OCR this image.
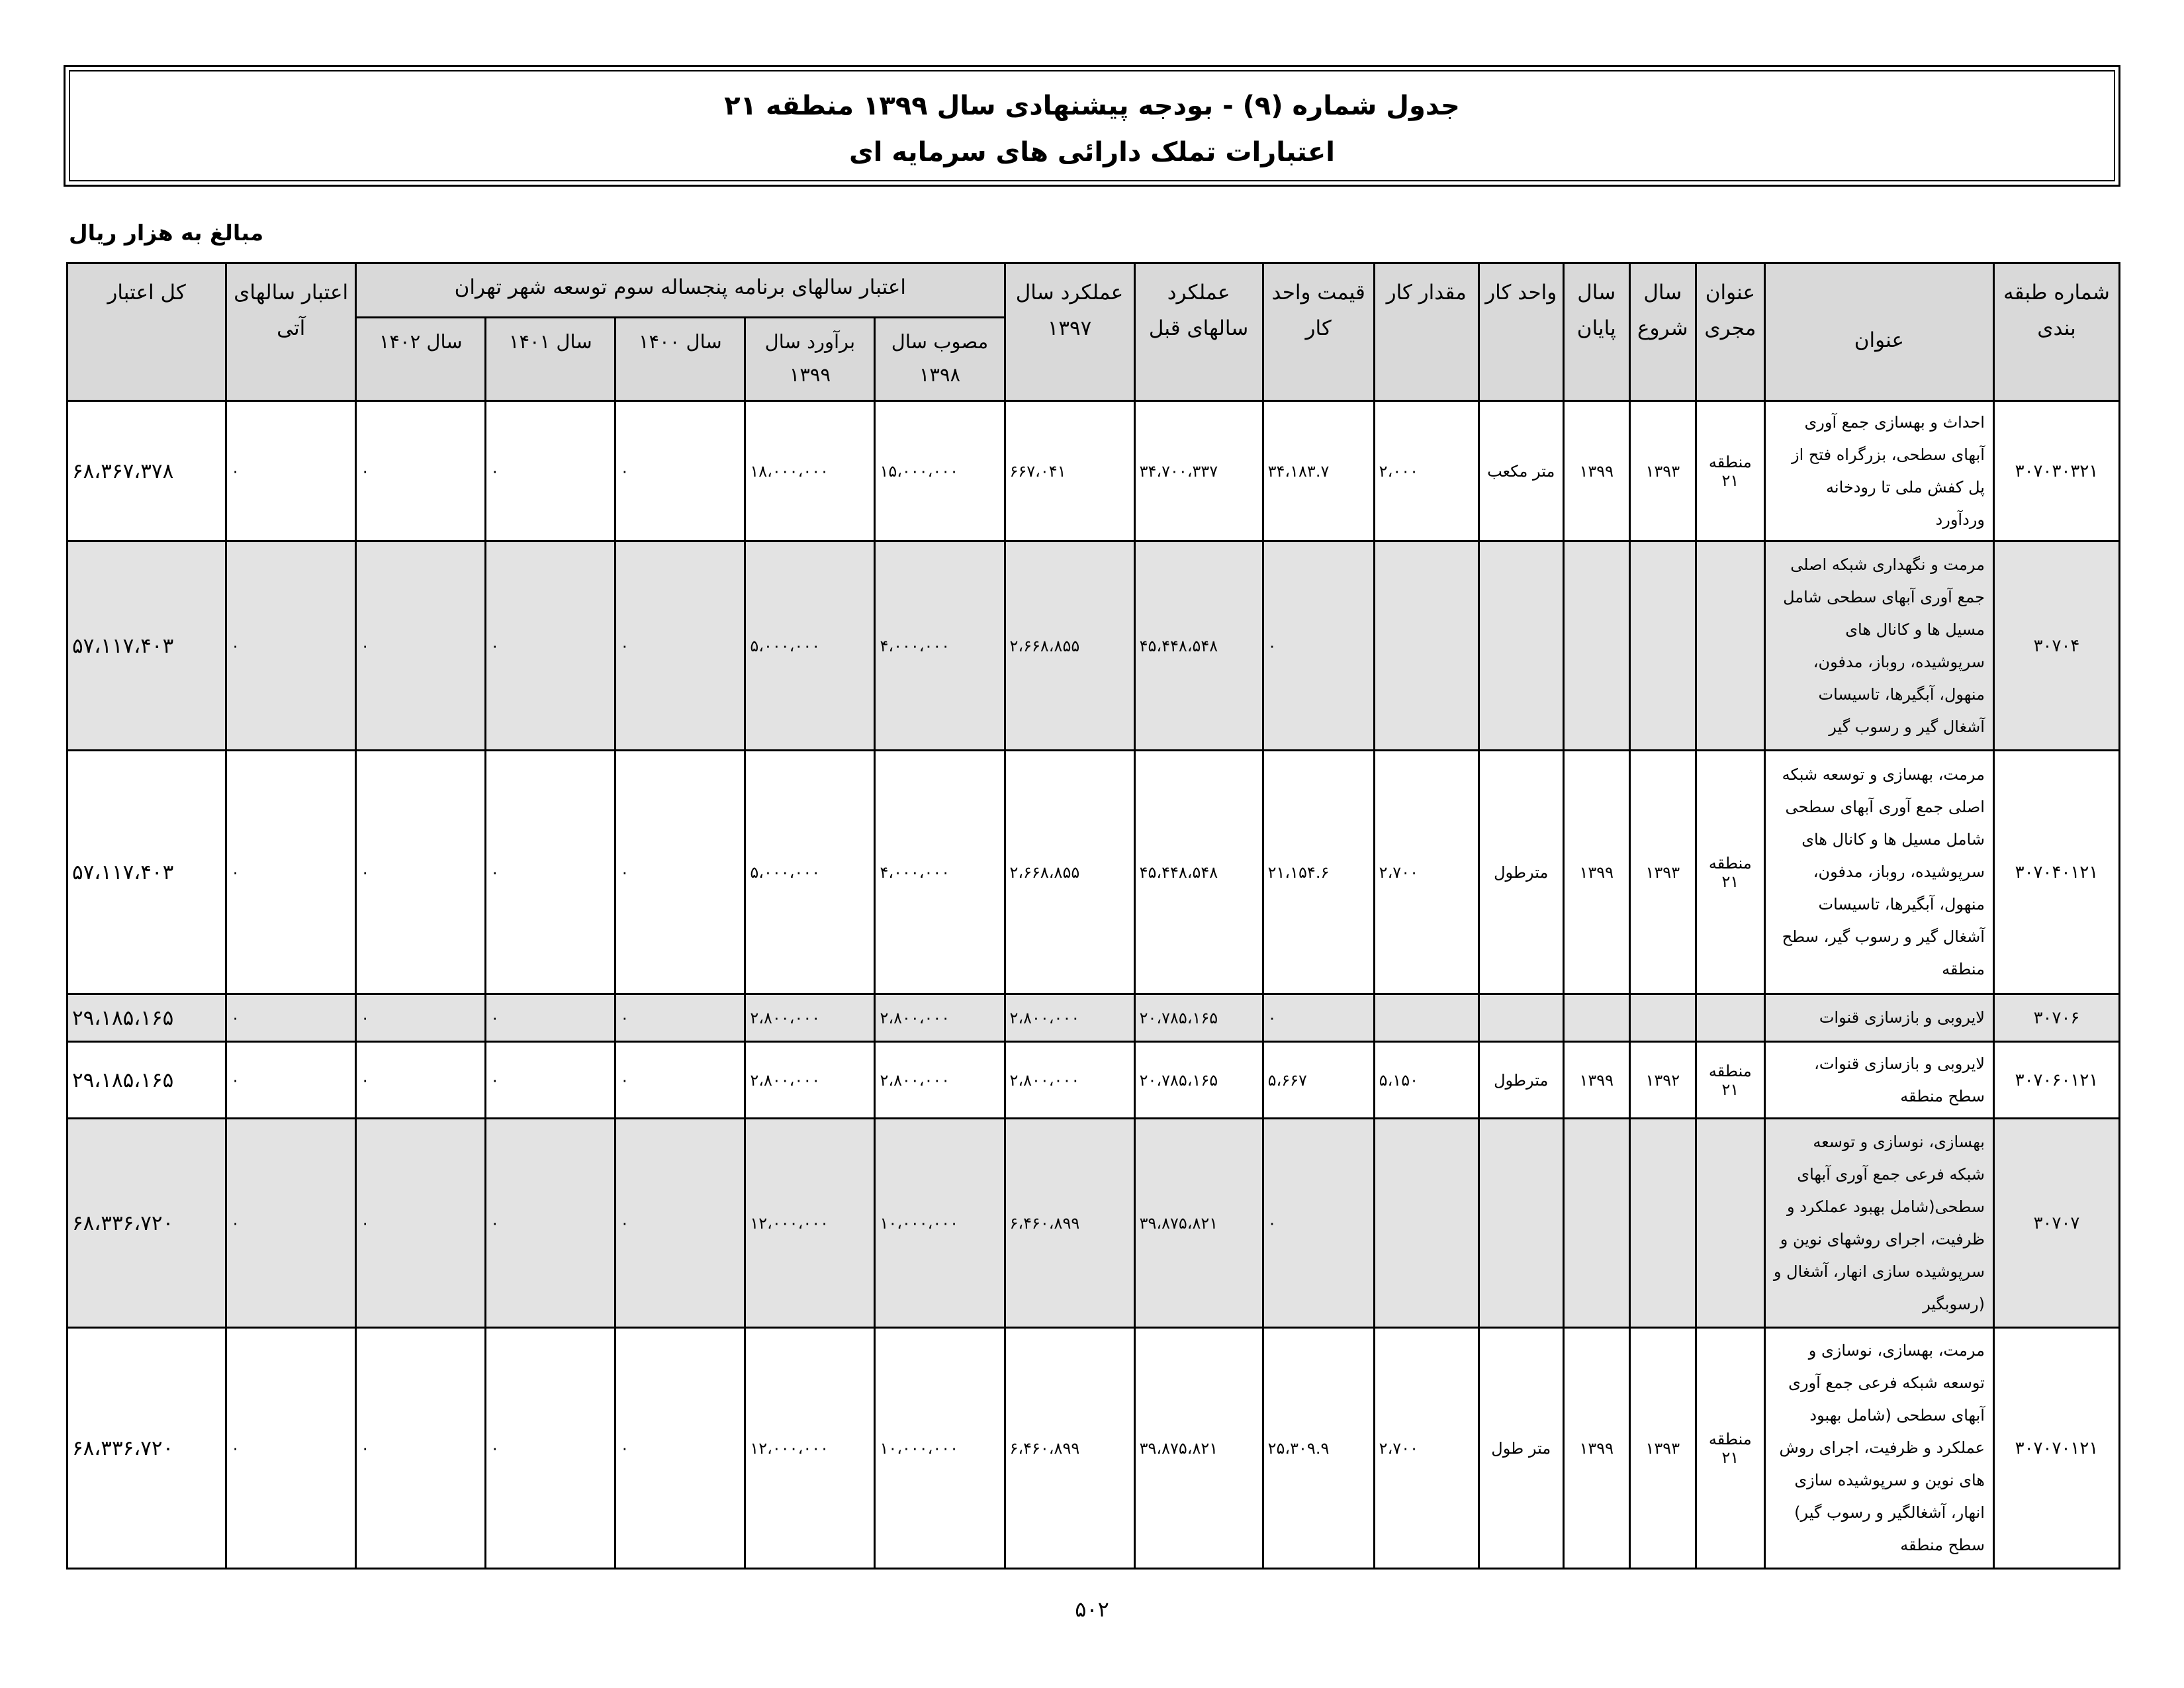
جدول شماره (۹) - بودجه پیشنهادی سال ۱۳۹۹ منطقه ۲۱
اعتبارات تملک دارائی های سرمایه ای
مبالغ به هزار ریال
شماره طبقه بندی	عنوان	عنوان مجری	سال شروع	سال پایان	واحد کار	مقدار کار	قیمت واحد کار	عملکرد سالهای قبل	عملکرد سال ۱۳۹۷	اعتبار سالهای برنامه پنجساله سوم توسعه شهر تهران					اعتبار سالهای آتی	کل اعتبار
										مصوب سال ۱۳۹۸	برآورد سال ۱۳۹۹	سال ۱۴۰۰	سال ۱۴۰۱	سال ۱۴۰۲		
۳۰۷۰۳۰۳۲۱	احداث و بهسازی جمع آوری آبهای سطحی، بزرگراه فتح از پل کفش ملی تا رودخانه وردآورد	منطقه ۲۱	۱۳۹۳	۱۳۹۹	متر مکعب	۲،۰۰۰	۳۴،۱۸۳.۷	۳۴،۷۰۰،۳۳۷	۶۶۷،۰۴۱	۱۵،۰۰۰،۰۰۰	۱۸،۰۰۰،۰۰۰	۰	۰	۰	۰	۶۸،۳۶۷،۳۷۸
۳۰۷۰۴	مرمت و نگهداری شبکه اصلی جمع آوری آبهای سطحی شامل مسیل ها و کانال های سرپوشیده، روباز، مدفون، منهول، آبگیرها، تاسیسات آشغال گیر و رسوب گیر						۰	۴۵،۴۴۸،۵۴۸	۲،۶۶۸،۸۵۵	۴،۰۰۰،۰۰۰	۵،۰۰۰،۰۰۰	۰	۰	۰	۰	۵۷،۱۱۷،۴۰۳
۳۰۷۰۴۰۱۲۱	مرمت، بهسازی و توسعه شبکه اصلی جمع آوری آبهای سطحی شامل مسیل ها و کانال های سرپوشیده، روباز، مدفون، منهول، آبگیرها، تاسیسات آشغال گیر و رسوب گیر، سطح منطقه	منطقه ۲۱	۱۳۹۳	۱۳۹۹	مترطول	۲،۷۰۰	۲۱،۱۵۴.۶	۴۵،۴۴۸،۵۴۸	۲،۶۶۸،۸۵۵	۴،۰۰۰،۰۰۰	۵،۰۰۰،۰۰۰	۰	۰	۰	۰	۵۷،۱۱۷،۴۰۳
۳۰۷۰۶	لایروبی و بازسازی قنوات						۰	۲۰،۷۸۵،۱۶۵	۲،۸۰۰،۰۰۰	۲،۸۰۰،۰۰۰	۲،۸۰۰،۰۰۰	۰	۰	۰	۰	۲۹،۱۸۵،۱۶۵
۳۰۷۰۶۰۱۲۱	لایروبی و بازسازی قنوات، سطح منطقه	منطقه ۲۱	۱۳۹۲	۱۳۹۹	مترطول	۵،۱۵۰	۵،۶۶۷	۲۰،۷۸۵،۱۶۵	۲،۸۰۰،۰۰۰	۲،۸۰۰،۰۰۰	۲،۸۰۰،۰۰۰	۰	۰	۰	۰	۲۹،۱۸۵،۱۶۵
۳۰۷۰۷	بهسازی، نوسازی و توسعه شبکه فرعی جمع آوری آبهای سطحی(شامل بهبود عملکرد و ظرفیت، اجرای روشهای نوین و سرپوشیده سازی انهار، آشغال و (رسوبگیر						۰	۳۹،۸۷۵،۸۲۱	۶،۴۶۰،۸۹۹	۱۰،۰۰۰،۰۰۰	۱۲،۰۰۰،۰۰۰	۰	۰	۰	۰	۶۸،۳۳۶،۷۲۰
۳۰۷۰۷۰۱۲۱	مرمت، بهسازی، نوسازی و توسعه شبکه فرعی جمع آوری آبهای سطحی (شامل بهبود عملکرد و ظرفیت، اجرای روش های نوین و سرپوشیده سازی انهار، آشغالگیر و رسوب گیر) سطح منطقه	منطقه ۲۱	۱۳۹۳	۱۳۹۹	متر طول	۲،۷۰۰	۲۵،۳۰۹.۹	۳۹،۸۷۵،۸۲۱	۶،۴۶۰،۸۹۹	۱۰،۰۰۰،۰۰۰	۱۲،۰۰۰،۰۰۰	۰	۰	۰	۰	۶۸،۳۳۶،۷۲۰
۵۰۲
